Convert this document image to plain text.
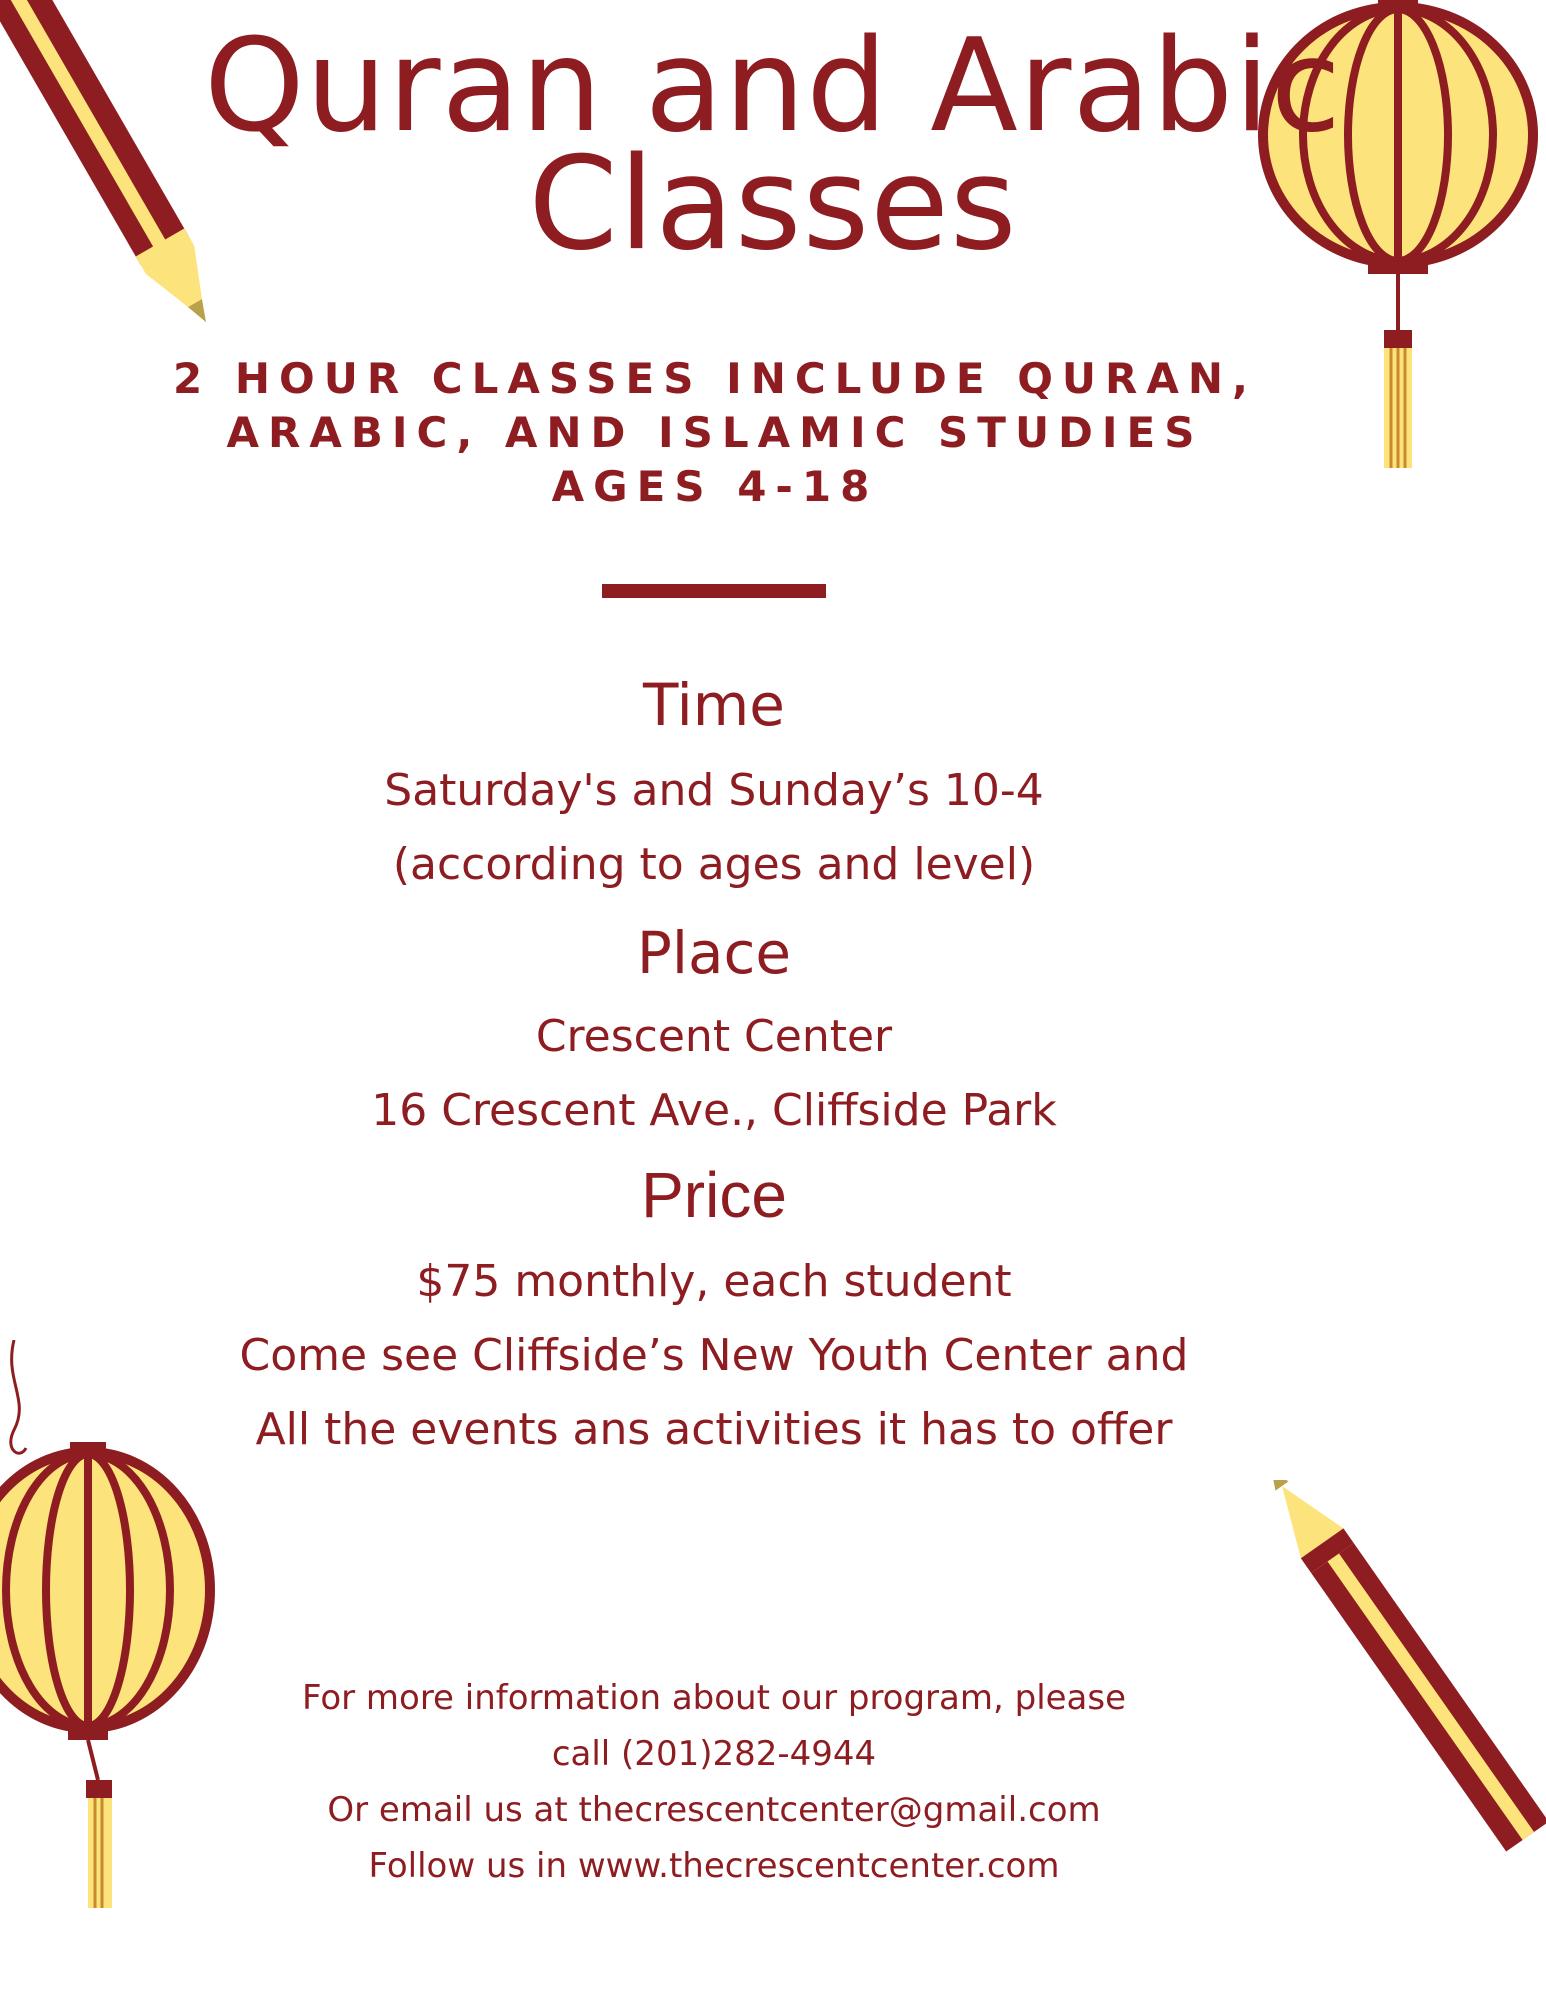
Quran and Arabic
Classes
2 HOUR CLASSES INCLUDE QURAN,
ARABIC, AND ISLAMIC STUDIES
AGES 4-18
Time
Saturday's and Sunday’s 10-4
(according to ages and level)
Place
Crescent Center
16 Crescent Ave., Cliffside Park
Price
$75 monthly, each student
Come see Cliffside’s New Youth Center and
All the events ans activities it has to offer
For more information about our program, please
call (201)282-4944
Or email us at thecrescentcenter@gmail.com
Follow us in www.thecrescentcenter.com
